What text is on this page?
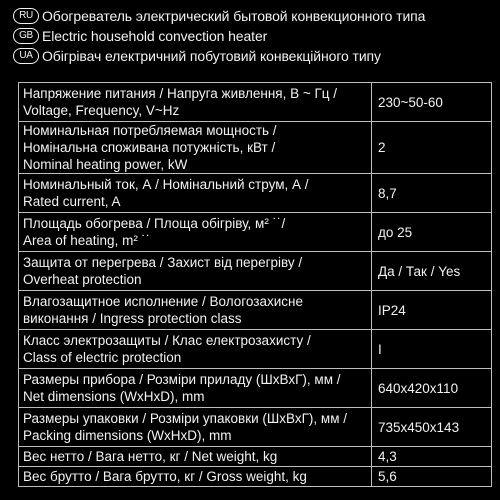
RU Обогреватель электрический бытовой конвекционного типа
GB Electric household convection heater
UA Обігрівач електричний побутовий конвекційного типу
Напряжение питания / Напруга живлення, В ~ Гц /
Voltage, Frequency, V~Hz	230~50-60

Номинальная потребляемая мощность /
Номінальна споживана потужність, кВт /
Nominal heating power, kW	2

Номинальный ток, А / Номінальний струм, А /
Rated current, A	8,7

Площадь обогрева / Площа обігріву, м² ˙˙/
Area of heating, m² ˙˙	до 25

Защита от перегрева / Захист від перегріву /
Overheat protection	Да / Так / Yes

Влагозащитное исполнение / Вологозахисне
виконання / Ingress protection class	IP24

Класс электрозащиты / Клас електрозахисту /
Class of electric protection	I

Размеры прибора / Розміри приладу (ШхВхГ), мм /
Net dimensions (WxHxD), mm	640x420x110

Размеры упаковки / Розміри упаковки (ШхВхГ), мм /
Packing dimensions (WxHxD), mm	735x450x143

Вес нетто / Вага нетто, кг / Net weight, kg	4,3

Вес брутто / Вага брутто, кг / Gross weight, kg	5,6
